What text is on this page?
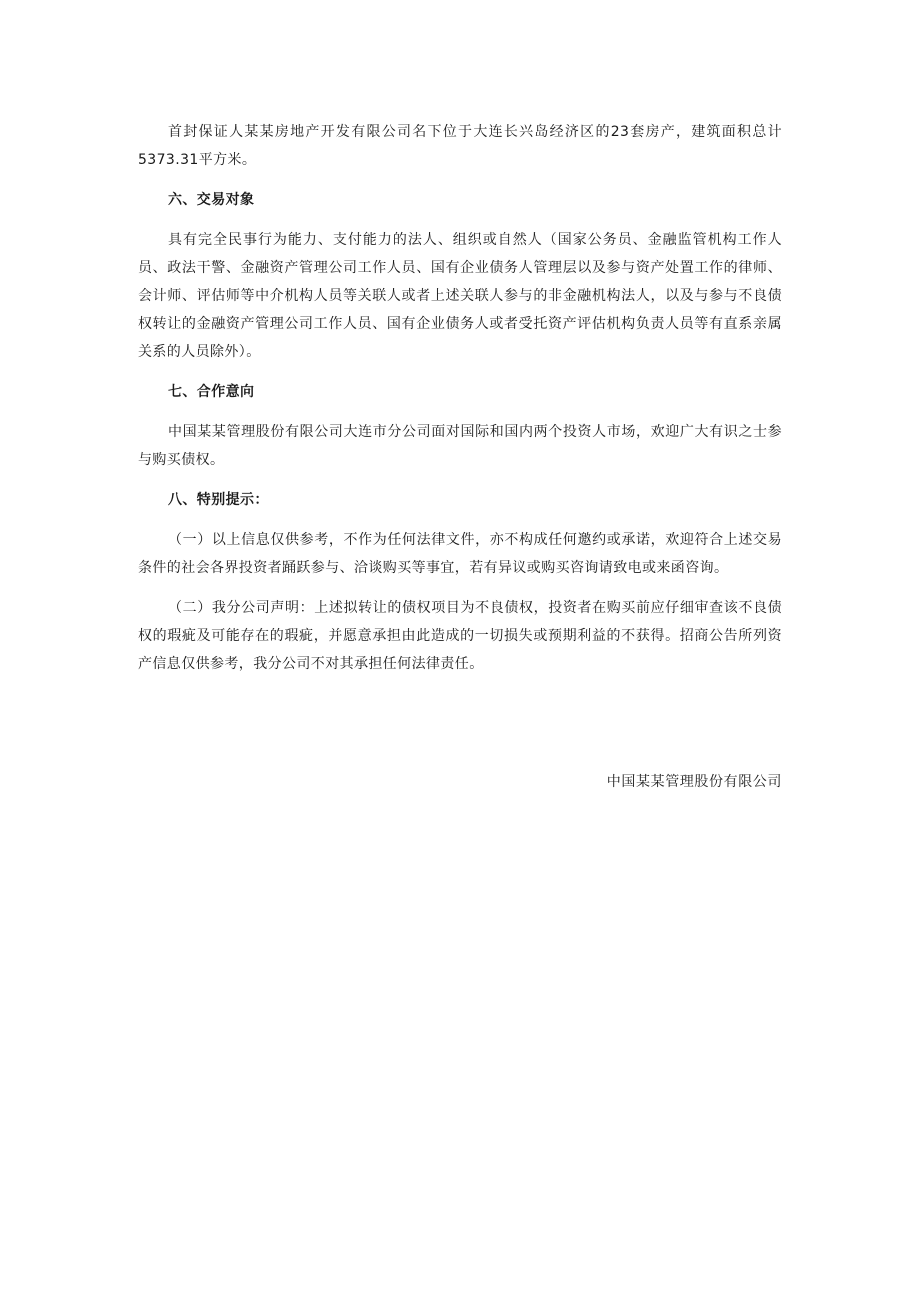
首封保证人某某房地产开发有限公司名下位于大连长兴岛经济区的23套房产，建筑面积总计5373.31平方米。

六、交易对象

具有完全民事行为能力、支付能力的法人、组织或自然人（国家公务员、金融监管机构工作人员、政法干警、金融资产管理公司工作人员、国有企业债务人管理层以及参与资产处置工作的律师、会计师、评估师等中介机构人员等关联人或者上述关联人参与的非金融机构法人，以及与参与不良债权转让的金融资产管理公司工作人员、国有企业债务人或者受托资产评估机构负责人员等有直系亲属关系的人员除外）。

七、合作意向

中国某某管理股份有限公司大连市分公司面对国际和国内两个投资人市场，欢迎广大有识之士参与购买债权。

八、特别提示：

（一）以上信息仅供参考，不作为任何法律文件，亦不构成任何邀约或承诺，欢迎符合上述交易条件的社会各界投资者踊跃参与、洽谈购买等事宜，若有异议或购买咨询请致电或来函咨询。

（二）我分公司声明：上述拟转让的债权项目为不良债权，投资者在购买前应仔细审查该不良债权的瑕疵及可能存在的瑕疵，并愿意承担由此造成的一切损失或预期利益的不获得。招商公告所列资产信息仅供参考，我分公司不对其承担任何法律责任。

中国某某管理股份有限公司
